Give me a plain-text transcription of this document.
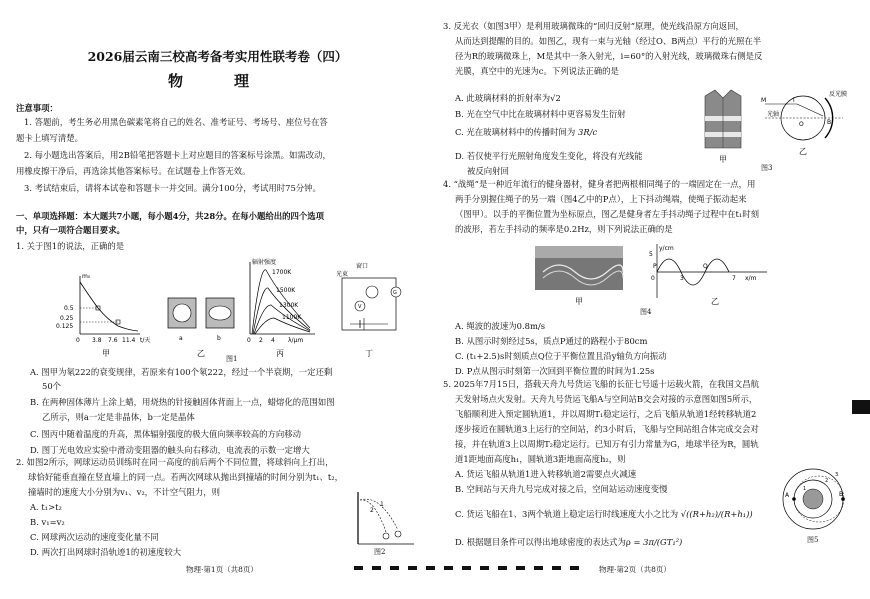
2026届云南三校高考备考实用性联考卷（四）
物　理
注意事项：
1. 答题前，考生务必用黑色碳素笔将自己的姓名、准考证号、考场号、座位号在答
题卡上填写清楚。
2. 每小题选出答案后，用2B铅笔把答题卡上对应题目的答案标号涂黑。如需改动，
用橡皮擦干净后，再选涂其他答案标号。在试题卷上作答无效。
3. 考试结束后，请将本试卷和答题卡一并交回。满分100分，考试用时75分钟。
一、单项选择题：本大题共7小题，每小题4分，共28分。在每小题给出的四个选项
中，只有一项符合题目要求。
1. 关于图1的说法，正确的是
m₀
0.5
0.25
0.125
0 3.8 7.6 11.4 t/天
甲
a	b
乙
辐射强度
1700K
1500K
1300K
1100K
0 2 4 λ/μm
丙
窗口
光束
G
V
丁
图1
A. 图甲为氡222的衰变规律，若原来有100个氡222，经过一个半衰期，一定还剩
50个
B. 在两种固体薄片上涂上蜡，用烧热的针接触固体背面上一点，蜡熔化的范围如图
乙所示，则a一定是非晶体，b一定是晶体
C. 图丙中随着温度的升高，黑体辐射强度的极大值向频率较高的方向移动
D. 图丁光电效应实验中滑动变阻器的触头向右移动，电流表的示数一定增大
2. 如图2所示，网球运动员训练时在同一高度的前后两个不同位置，将球斜向上打出，
球恰好能垂直撞在竖直墙上的同一点。若两次网球从抛出到撞墙的时间分别为t₁、t₂，
撞墙时的速度大小分别为v₁、v₂，不计空气阻力，则
A. t₁>t₂
B. v₁=v₂
C. 网球两次运动的速度变化量不同
D. 两次打出网球时沿轨迹1的初速度较大
1
2
图2
物理·第1页（共8页）
3. 反光衣（如图3甲）是利用玻璃微珠的“回归反射”原理，使光线沿原方向返回，
从而达到提醒的目的。如图乙，现有一束与光轴（经过O、B两点）平行的光照在半
径为R的玻璃微珠上，M是其中一条入射光，i=60°的入射光线，玻璃微珠右侧是反
光膜，真空中的光速为c。下列说法正确的是
A. 此玻璃材料的折射率为√2
B. 光在空气中比在玻璃材料中更容易发生衍射
C. 光在玻璃材料中的传播时间为 3R/c
D. 若仅使平行光照射角度发生变化，将没有光线能
被反向射回
甲
M
O	B
i
反光膜
光轴
乙
图3
4. “战绳”是一种近年流行的健身器材，健身者把两根相同绳子的一端固定在一点，用
两手分别握住绳子的另一端（图4乙中的P点），上下抖动绳端，使绳子振动起来
（图甲）。以手的平衡位置为坐标原点，图乙是健身者左手抖动绳子过程中在t₁时刻
的波形，若左手抖动的频率是0.2Hz，则下列说法正确的是
甲
y/cm
5
0	3	7 x/m
P	Q
乙
图4
A. 绳波的波速为0.8m/s
B. 从图示时刻经过5s，质点P通过的路程小于80cm
C. (t₁+2.5)s时刻质点Q位于平衡位置且沿y轴负方向振动
D. P点从图示时刻第一次回到平衡位置的时间为1.25s
5. 2025年7月15日，搭载天舟九号货运飞船的长征七号遥十运载火箭，在我国文昌航
天发射场点火发射。天舟九号货运飞船A与空间站B交会对接的示意图如图5所示，
飞船顺利进入预定圆轨道1，并以周期T₁稳定运行，之后飞船从轨道1经转移轨道2
逐步接近在圆轨道3上运行的空间站，约3小时后，飞船与空间站组合体完成交会对
接，并在轨道3上以周期T₂稳定运行。已知万有引力常量为G，地球半径为R，圆轨
道1距地面高度h₁，圆轨道3距地面高度h₂，则
A. 货运飞船从轨道1进入转移轨道2需要点火减速
B. 空间站与天舟九号完成对接之后，空间站运动速度变慢
C. 货运飞船在1、3两个轨道上稳定运行时线速度大小之比为 √((R+h₂)/(R+h₁))
D. 根据题目条件可以得出地球密度的表达式为ρ = 3π/(GT₁²)
A	B
1
2
3
图5
物理·第2页（共8页）
